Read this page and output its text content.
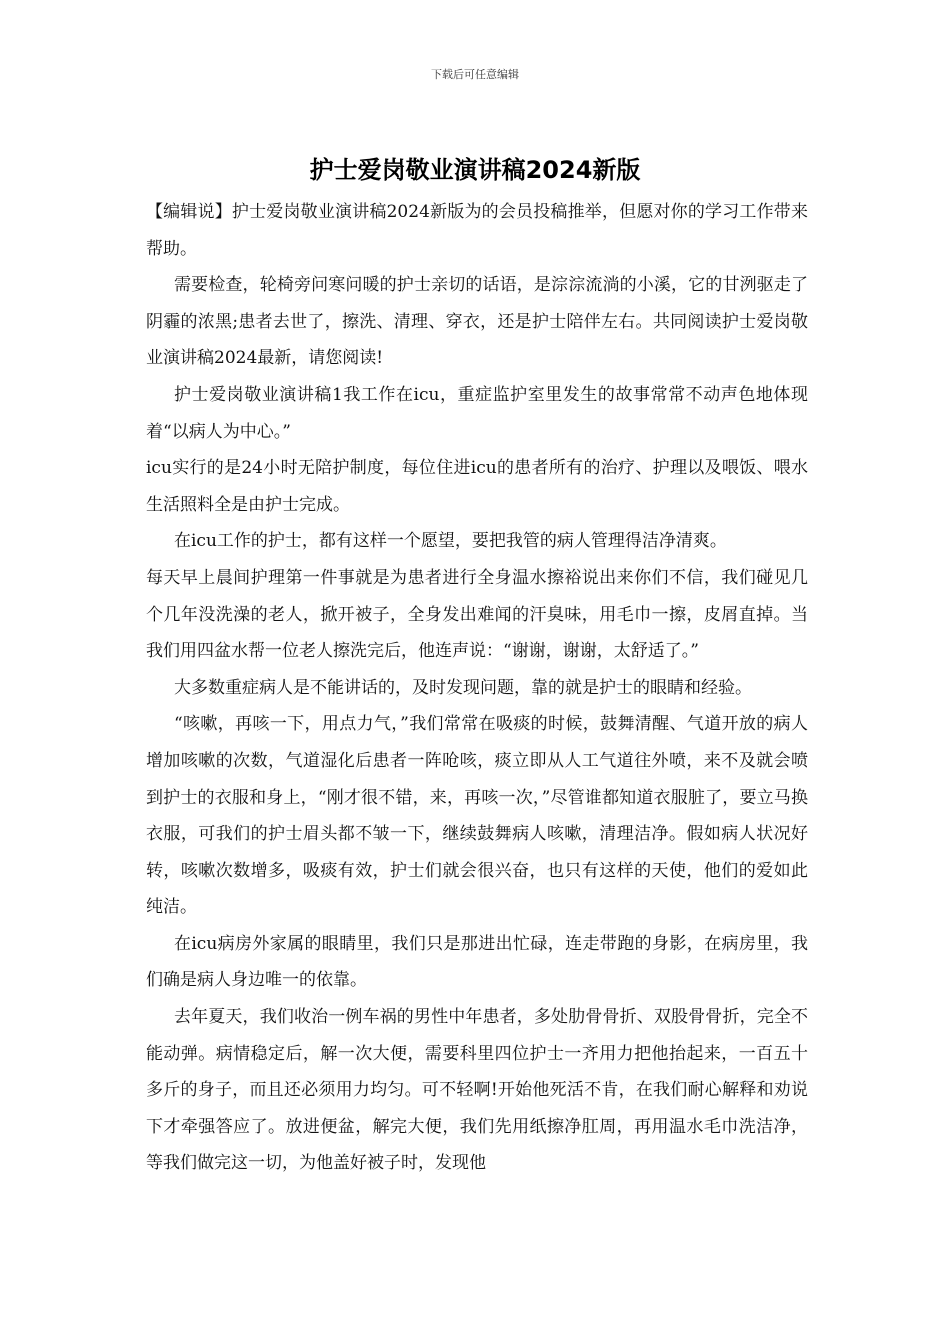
下载后可任意编辑
护士爱岗敬业演讲稿2024新版

【编辑说】护士爱岗敬业演讲稿2024新版为的会员投稿推举，但愿对你的学习工作带来帮助。

需要检查，轮椅旁问寒问暖的护士亲切的话语，是淙淙流淌的小溪，它的甘洌驱走了阴霾的浓黑;患者去世了，擦洗、清理、穿衣，还是护士陪伴左右。共同阅读护士爱岗敬业演讲稿2024最新，请您阅读!

护士爱岗敬业演讲稿1我工作在icu，重症监护室里发生的故事常常不动声色地体现着“以病人为中心。”

icu实行的是24小时无陪护制度，每位住进icu的患者所有的治疗、护理以及喂饭、喂水生活照料全是由护士完成。

在icu工作的护士，都有这样一个愿望，要把我管的病人管理得洁净清爽。

每天早上晨间护理第一件事就是为患者进行全身温水擦裕说出来你们不信，我们碰见几个几年没洗澡的老人，掀开被子，全身发出难闻的汗臭味，用毛巾一擦，皮屑直掉。当我们用四盆水帮一位老人擦洗完后，他连声说：“谢谢，谢谢，太舒适了。”

大多数重症病人是不能讲话的，及时发现问题，靠的就是护士的眼睛和经验。

“咳嗽，再咳一下，用点力气，”我们常常在吸痰的时候，鼓舞清醒、气道开放的病人增加咳嗽的次数，气道湿化后患者一阵呛咳，痰立即从人工气道往外喷，来不及就会喷到护士的衣服和身上，“刚才很不错，来，再咳一次，”尽管谁都知道衣服脏了，要立马换衣服，可我们的护士眉头都不皱一下，继续鼓舞病人咳嗽，清理洁净。假如病人状况好转，咳嗽次数增多，吸痰有效，护士们就会很兴奋，也只有这样的天使，他们的爱如此纯洁。

在icu病房外家属的眼睛里，我们只是那进出忙碌，连走带跑的身影，在病房里，我们确是病人身边唯一的依靠。

去年夏天，我们收治一例车祸的男性中年患者，多处肋骨骨折、双股骨骨折，完全不能动弹。病情稳定后，解一次大便，需要科里四位护士一齐用力把他抬起来，一百五十多斤的身子，而且还必须用力均匀。可不轻啊!开始他死活不肯，在我们耐心解释和劝说下才牵强答应了。放进便盆，解完大便，我们先用纸擦净肛周，再用温水毛巾洗洁净，等我们做完这一切，为他盖好被子时，发现他
